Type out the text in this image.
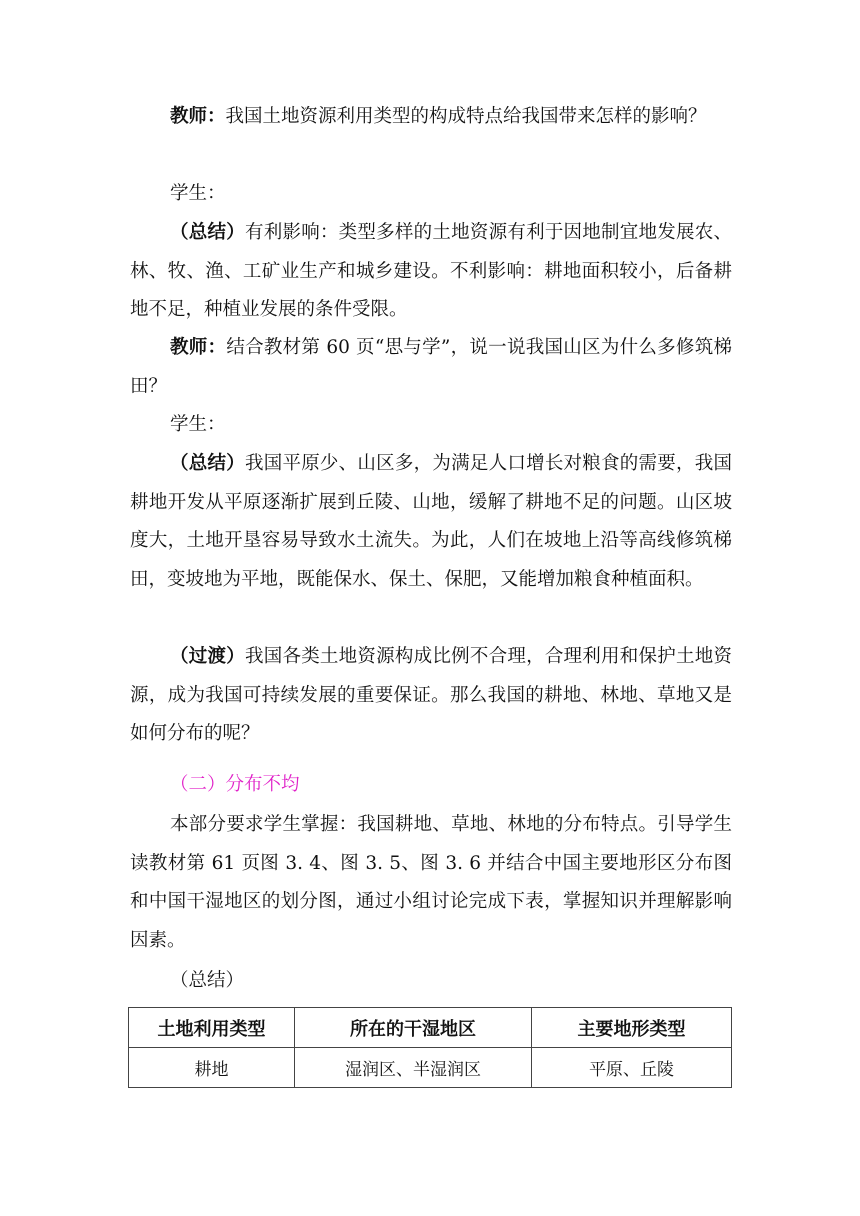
教师：我国土地资源利用类型的构成特点给我国带来怎样的影响？

学生：

（总结）有利影响：类型多样的土地资源有利于因地制宜地发展农、林、牧、渔、工矿业生产和城乡建设。不利影响：耕地面积较小，后备耕地不足，种植业发展的条件受限。

教师：结合教材第 60 页“思与学”，说一说我国山区为什么多修筑梯田？

学生：

（总结）我国平原少、山区多，为满足人口增长对粮食的需要，我国耕地开发从平原逐渐扩展到丘陵、山地，缓解了耕地不足的问题。山区坡度大，土地开垦容易导致水土流失。为此，人们在坡地上沿等高线修筑梯田，变坡地为平地，既能保水、保土、保肥，又能增加粮食种植面积。

（过渡）我国各类土地资源构成比例不合理，合理利用和保护土地资源，成为我国可持续发展的重要保证。那么我国的耕地、林地、草地又是如何分布的呢？

（二）分布不均

本部分要求学生掌握：我国耕地、草地、林地的分布特点。引导学生读教材第 61 页图 3. 4、图 3. 5、图 3. 6 并结合中国主要地形区分布图和中国干湿地区的划分图，通过小组讨论完成下表，掌握知识并理解影响因素。

（总结）

土地利用类型	所在的干湿地区	主要地形类型
耕地	湿润区、半湿润区	平原、丘陵
